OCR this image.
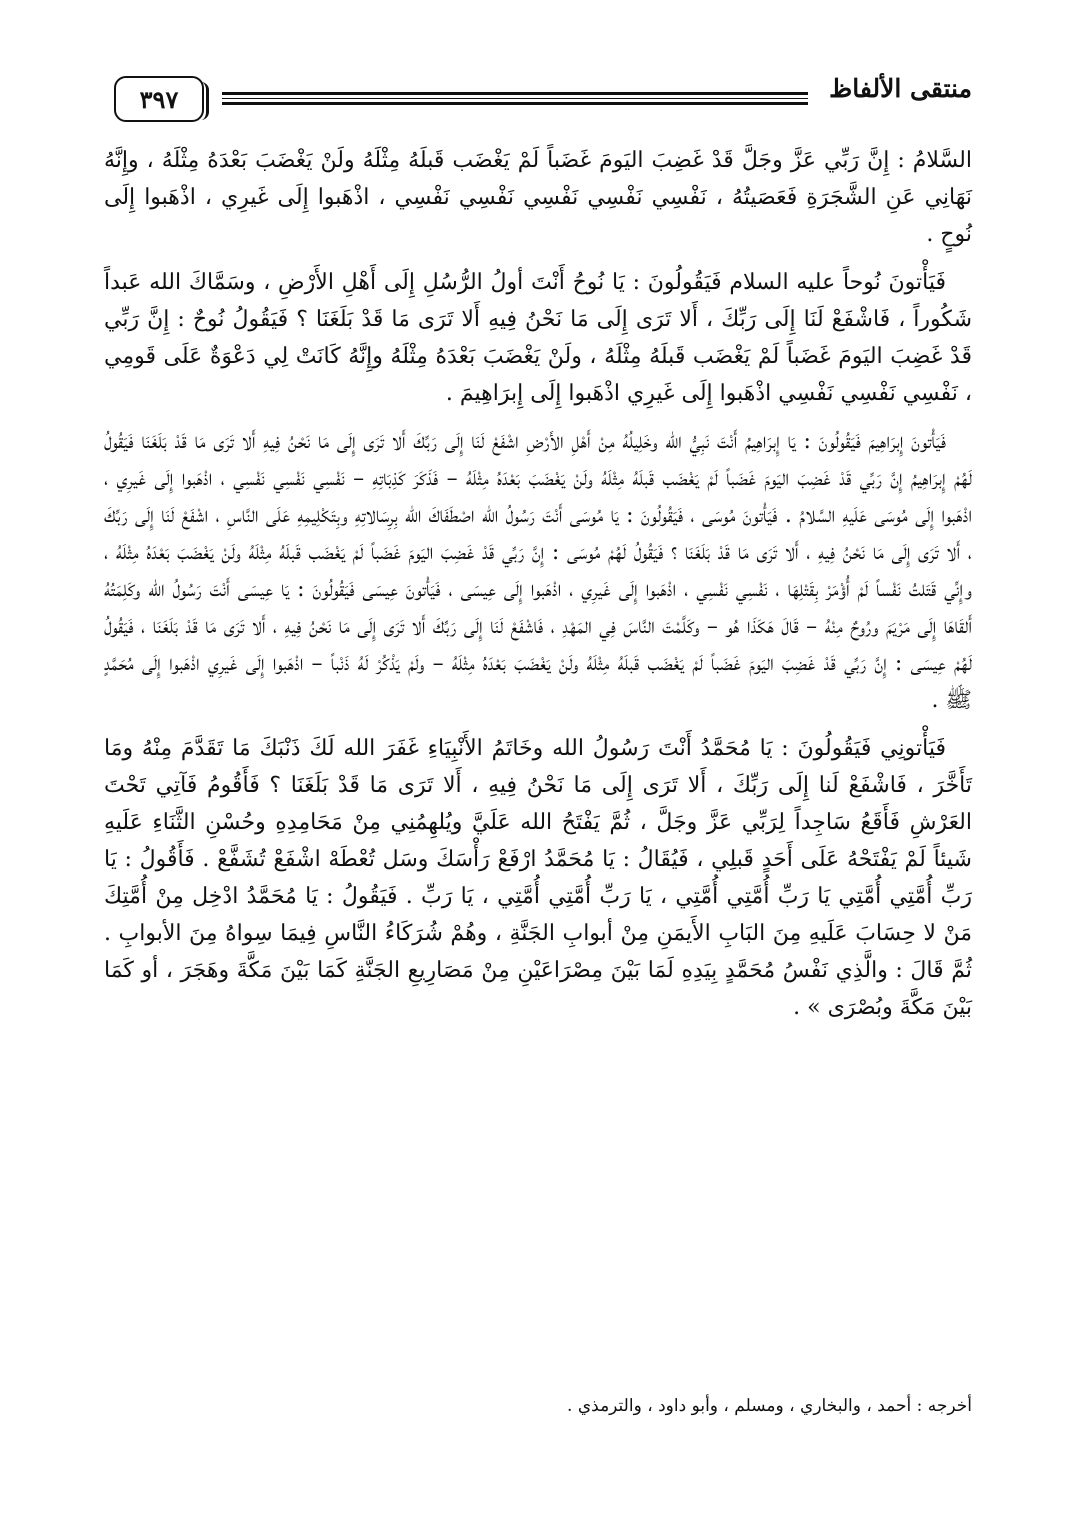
٣٩٧	منتقى الألفاظ

السَّلامُ : إِنَّ رَبِّي عَزَّ وجَلَّ قَدْ غَضِبَ اليَومَ غَضَباً لَمْ يَغْضَب قَبلَهُ مِثْلَهُ ولَنْ يَغْضَبَ بَعْدَهُ مِثْلَهُ ، وإِنَّهُ نَهَانِي عَنِ الشَّجَرَةِ فَعَصَيتُهُ ، نَفْسِي نَفْسِي نَفْسِي نَفْسِي نَفْسِي ، اذْهَبوا إِلَى غَيرِي ، اذْهَبوا إِلَى نُوحٍ .

فَيَأْتونَ نُوحاً عليه السلام فَيَقُولُونَ : يَا نُوحُ أَنْتَ أولُ الرُّسُلِ إِلَى أَهْلِ الأَرْضِ ، وسَمَّاكَ الله عَبداً شَكُوراً ، فَاشْفَعْ لَنَا إِلَى رَبِّكَ ، أَلا تَرَى إِلَى مَا نَحْنُ فِيهِ أَلا تَرَى مَا قَدْ بَلَغَنَا ؟ فَيَقُولُ نُوحٌ : إِنَّ رَبِّي قَدْ غَضِبَ اليَومَ غَضَباً لَمْ يَغْضَب قَبلَهُ مِثْلَهُ ، ولَنْ يَغْضَبَ بَعْدَهُ مِثْلَهُ وإِنَّهُ كَانَتْ لِي دَعْوَةٌ عَلَى قَومِي ، نَفْسِي نَفْسِي نَفْسِي اذْهَبوا إِلَى غَيرِي اذْهَبوا إِلَى إِبرَاهِيمَ .

فَيَأْتونَ إِبرَاهِيمَ فَيَقُولُونَ : يَا إِبرَاهِيمُ أَنْتَ نَبِيُّ الله وخَلِيلُهُ مِنْ أَهْلِ الأَرْضِ اشْفَعْ لَنَا إِلَى رَبِّكَ أَلا تَرَى إِلَى مَا نَحْنُ فِيهِ أَلا تَرَى مَا قَدْ بَلَغَنَا فَيَقُولُ لَهُمْ إِبرَاهِيمُ إِنَّ رَبِّي قَدْ غَضِبَ اليَومَ غَضَباً لَمْ يَغْضَب قَبلَهُ مِثْلَهُ ولَنْ يَغْضَبَ بَعْدَهُ مِثْلَهُ – فَذَكَرَ كَذِبَاتِهِ – نَفْسِي نَفْسِي نَفْسِي ، اذْهَبوا إِلَى غَيرِي ، اذْهَبوا إِلَى مُوسَى عَلَيهِ السَّلامُ . فَيَأْتونَ مُوسَى ، فَيَقُولُونَ : يَا مُوسَى أَنْتَ رَسُولُ الله اصْطَفَاكَ الله بِرِسَالاتِهِ وبِتَكْلِيمِهِ عَلَى النَّاسِ ، اشْفَعْ لَنَا إِلَى رَبِّكَ ، أَلا تَرَى إِلَى مَا نَحْنُ فِيهِ ، أَلا تَرَى مَا قَدْ بَلَغَنَا ؟ فَيَقُولُ لَهُمْ مُوسَى : إِنَّ رَبِّي قَدْ غَضِبَ اليَومَ غَضَباً لَمْ يَغْضَب قَبلَهُ مِثْلَهُ ولَنْ يَغْضَبَ بَعْدَهُ مِثْلَهُ ، وإِنِّي قَتَلتُ نَفْساً لَمْ أُؤْمَرْ بِقَتْلِهَا ، نَفْسِي نَفْسِي ، اذْهَبوا إِلَى غَيرِي ، اذْهَبوا إِلَى عِيسَى ، فَيَأْتونَ عِيسَى فَيَقُولُونَ : يَا عِيسَى أَنْتَ رَسُولُ الله وكَلِمَتُهُ أَلقَاهَا إِلَى مَرْيَمَ ورُوحٌ مِنْهُ – قَالَ هَكَذَا هُو – وكَلَّمْتَ النَّاسَ فِي المَهْدِ ، فَاشْفَعْ لَنَا إِلَى رَبِّكَ أَلا تَرَى إِلَى مَا نَحْنُ فِيهِ ، أَلا تَرَى مَا قَدْ بَلَغَنَا ، فَيَقُولُ لَهُمْ عِيسَى : إِنَّ رَبِّي قَدْ غَضِبَ اليَومَ غَضَباً لَمْ يَغْضَب قَبلَهُ مِثْلَهُ ولَنْ يَغْضَبَ بَعْدَهُ مِثْلَهُ – ولَمْ يَذْكُرْ لَهُ ذَنْباً – اذْهَبوا إِلَى غَيرِي اذْهَبوا إِلَى مُحَمَّدٍ ﷺ .

فَيَأْتونِي فَيَقُولُونَ : يَا مُحَمَّدُ أَنْتَ رَسُولُ الله وخَاتَمُ الأَنْبِيَاءِ غَفَرَ الله لَكَ ذَنْبَكَ مَا تَقَدَّمَ مِنْهُ ومَا تَأَخَّرَ ، فَاشْفَعْ لَنا إِلَى رَبِّكَ ، أَلا تَرَى إِلَى مَا نَحْنُ فِيهِ ، أَلا تَرَى مَا قَدْ بَلَغَنَا ؟ فَأَقُومُ فَآتِي تَحْتَ العَرْشِ فَأَقَعُ سَاجِداً لِرَبِّي عَزَّ وجَلَّ ، ثُمَّ يَفْتَحُ الله عَلَيَّ ويُلهِمُنِي مِنْ مَحَامِدِهِ وحُسْنِ الثَّنَاءِ عَلَيهِ شَيئاً لَمْ يَفْتَحْهُ عَلَى أَحَدٍ قَبلِي ، فَيُقَالُ : يَا مُحَمَّدُ ارْفَعْ رَأْسَكَ وسَل تُعْطَهْ اشْفَعْ تُشَفَّعْ . فَأَقُولُ : يَا رَبِّ أُمَّتِي أُمَّتِي يَا رَبِّ أُمَّتِي أُمَّتِي ، يَا رَبِّ أُمَّتِي أُمَّتِي ، يَا رَبِّ . فَيَقُولُ : يَا مُحَمَّدُ ادْخِل مِنْ أُمَّتِكَ مَنْ لا حِسَابَ عَلَيهِ مِنَ البَابِ الأَيمَنِ مِنْ أبوابِ الجَنَّةِ ، وهُمْ شُرَكَاءُ النَّاسِ فِيمَا سِواهُ مِنَ الأبوابِ . ثُمَّ قَالَ : والَّذِي نَفْسُ مُحَمَّدٍ بِيَدِهِ لَمَا بَيْنَ مِصْرَاعَيْنِ مِنْ مَصَارِيعِ الجَنَّةِ كَمَا بَيْنَ مَكَّةَ وهَجَرَ ، أو كَمَا بَيْنَ مَكَّةَ وبُصْرَى » .

أخرجه : أحمد ، والبخاري ، ومسلم ، وأبو داود ، والترمذي .
